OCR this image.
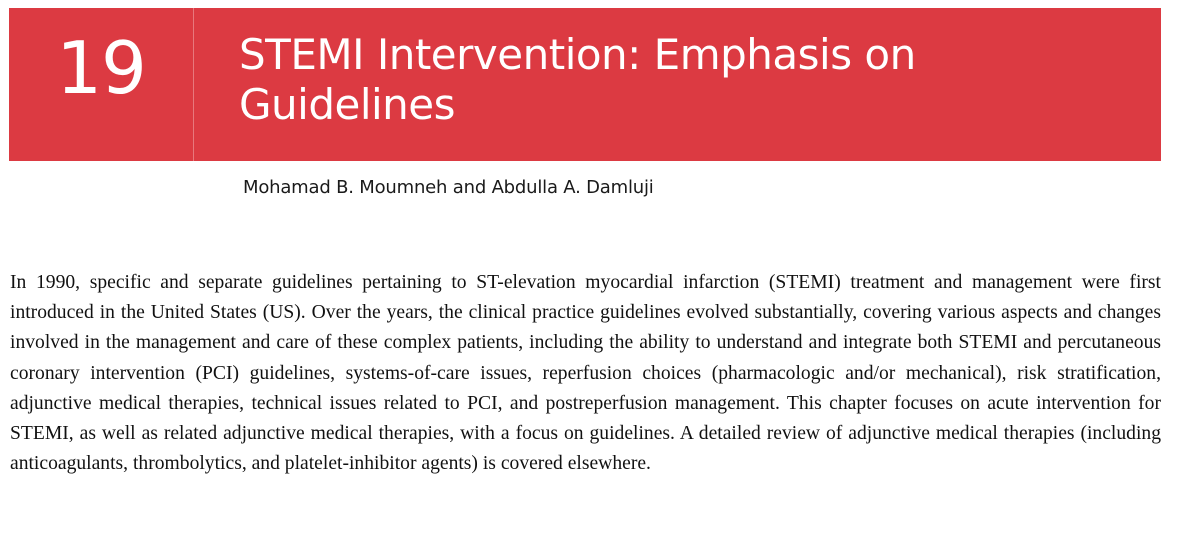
19	STEMI Intervention: Emphasis on Guidelines
Mohamad B. Moumneh and Abdulla A. Damluji

In 1990, specific and separate guidelines pertaining to ST-elevation myocardial infarction (STEMI) treatment and management were first introduced in the United States (US). Over the years, the clinical practice guidelines evolved substantially, covering various aspects and changes involved in the management and care of these complex patients, including the ability to understand and integrate both STEMI and percutaneous coronary intervention (PCI) guidelines, systems-of-care issues, reperfusion choices (pharmacologic and/or mechanical), risk stratification, adjunctive medical therapies, technical issues related to PCI, and postreperfusion management. This chapter focuses on acute intervention for STEMI, as well as related adjunctive medical therapies, with a focus on guidelines. A detailed review of adjunctive medical therapies (including anticoagulants, thrombolytics, and platelet-inhibitor agents) is covered elsewhere.
